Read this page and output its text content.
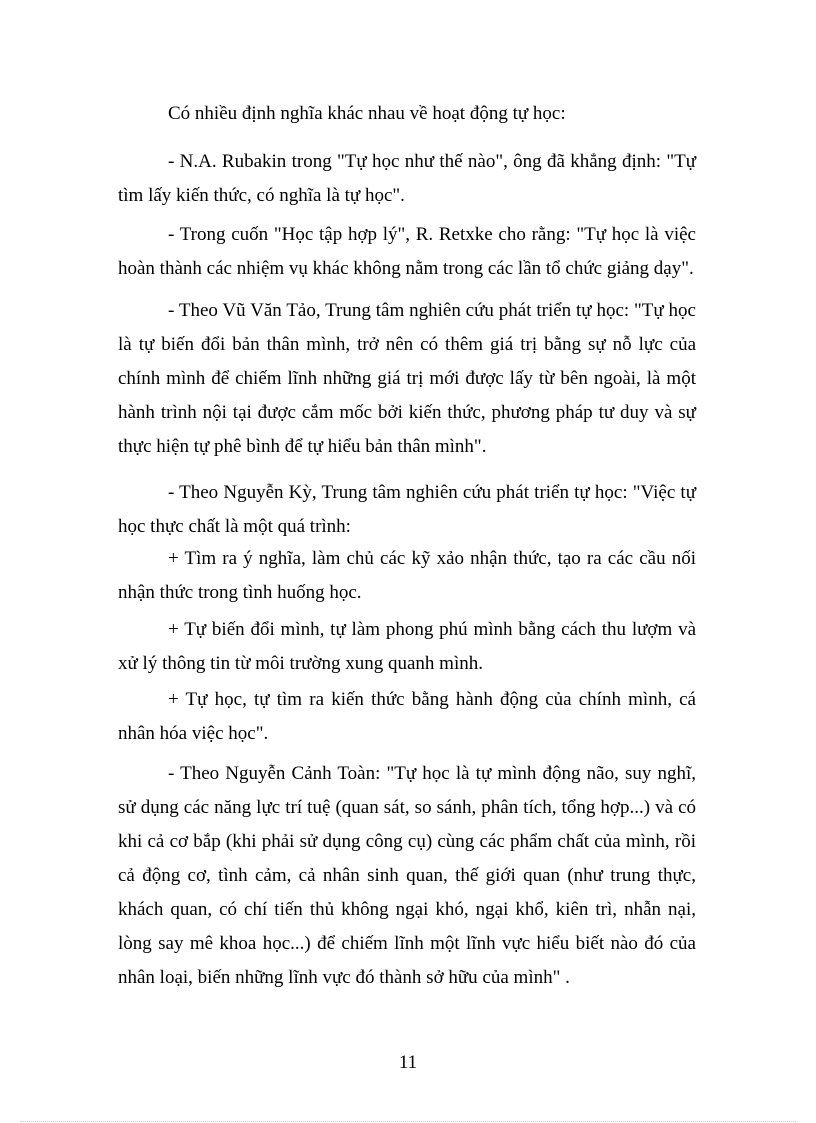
Có nhiều định nghĩa khác nhau về hoạt động tự học:

- N.A. Rubakin trong "Tự học như thế nào", ông đã khẳng định: "Tự tìm lấy kiến thức, có nghĩa là tự học".

- Trong cuốn "Học tập hợp lý", R. Retxke cho rằng: "Tự học là việc hoàn thành các nhiệm vụ khác không nằm trong các lần tổ chức giảng dạy".

- Theo Vũ Văn Tảo, Trung tâm nghiên cứu phát triển tự học: "Tự học là tự biến đổi bản thân mình, trở nên có thêm giá trị bằng sự nỗ lực của chính mình để chiếm lĩnh những giá trị mới được lấy từ bên ngoài, là một hành trình nội tại được cắm mốc bởi kiến thức, phương pháp tư duy và sự thực hiện tự phê bình để tự hiểu bản thân mình".

- Theo Nguyễn Kỳ, Trung tâm nghiên cứu phát triển tự học: "Việc tự học thực chất là một quá trình:

+ Tìm ra ý nghĩa, làm chủ các kỹ xảo nhận thức, tạo ra các cầu nối nhận thức trong tình huống học.

+ Tự biến đổi mình, tự làm phong phú mình bằng cách thu lượm và xử lý thông tin từ môi trường xung quanh mình.

+ Tự học, tự tìm ra kiến thức bằng hành động của chính mình, cá nhân hóa việc học".

- Theo Nguyễn Cảnh Toàn: "Tự học là tự mình động não, suy nghĩ, sử dụng các năng lực trí tuệ (quan sát, so sánh, phân tích, tổng hợp...) và có khi cả cơ bắp (khi phải sử dụng công cụ) cùng các phẩm chất của mình, rồi cả động cơ, tình cảm, cả nhân sinh quan, thế giới quan (như trung thực, khách quan, có chí tiến thủ không ngại khó, ngại khổ, kiên trì, nhẫn nại, lòng say mê khoa học...) để chiếm lĩnh một lĩnh vực hiểu biết nào đó của nhân loại, biến những lĩnh vực đó thành sở hữu của mình" .

11
